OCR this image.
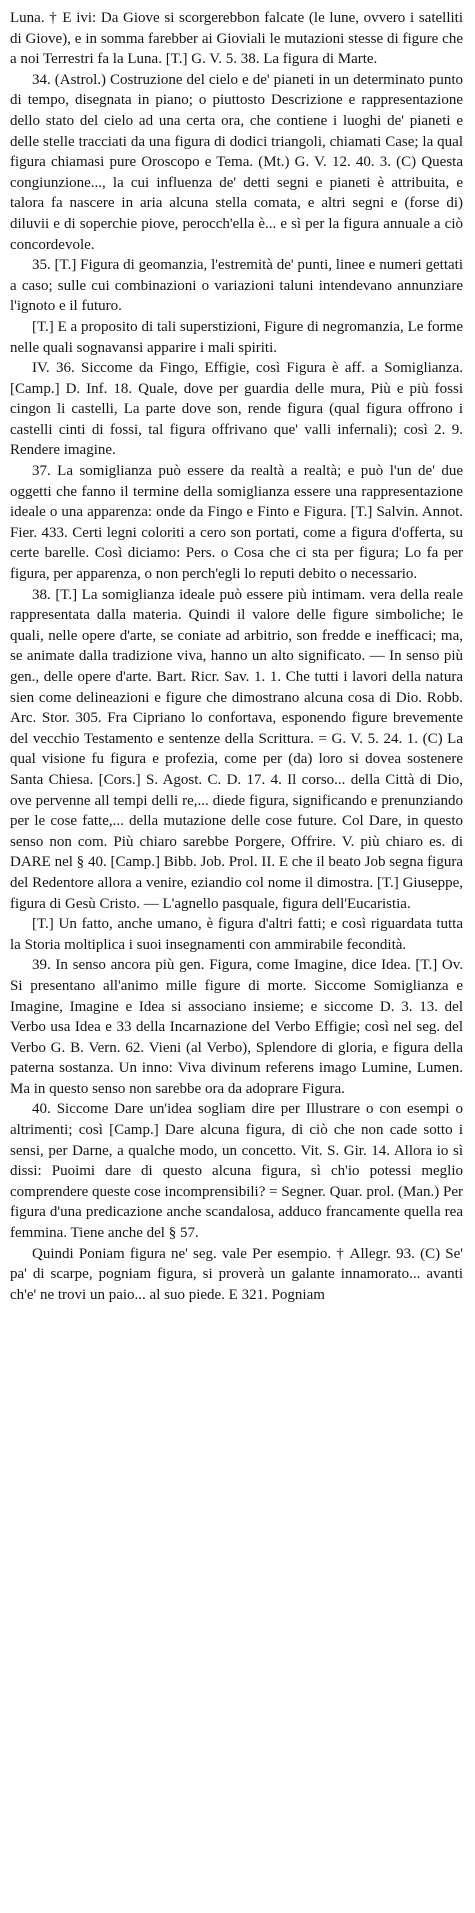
Luna. † E ivi: Da Giove si scorgerebbon falcate (le lune, ovvero i satelliti di Giove), e in somma farebber ai Gioviali le mutazioni stesse di figure che a noi Terrestri fa la Luna. [T.] G. V. 5. 38. La figura di Marte.

34. (Astrol.) Costruzione del cielo e de' pianeti in un determinato punto di tempo, disegnata in piano; o piuttosto Descrizione e rappresentazione dello stato del cielo ad una certa ora, che contiene i luoghi de' pianeti e delle stelle tracciati da una figura di dodici triangoli, chiamati Case; la qual figura chiamasi pure Oroscopo e Tema. (Mt.) G. V. 12. 40. 3. (C) Questa congiunzione..., la cui influenza de' detti segni e pianeti è attribuita, e talora fa nascere in aria alcuna stella comata, e altri segni e (forse di) diluvii e di soperchie piove, perocch'ella è... e sì per la figura annuale a ciò concordevole.

35. [T.] Figura di geomanzia, l'estremità de' punti, linee e numeri gettati a caso; sulle cui combinazioni o variazioni taluni intendevano annunziare l'ignoto e il futuro.

[T.] E a proposito di tali superstizioni, Figure di negromanzia, Le forme nelle quali sognavansi apparire i mali spiriti.

IV. 36. Siccome da Fingo, Effigie, così Figura è aff. a Somiglianza. [Camp.] D. Inf. 18. Quale, dove per guardia delle mura, Più e più fossi cingon li castelli, La parte dove son, rende figura (qual figura offrono i castelli cinti di fossi, tal figura offrivano que' valli infernali); così 2. 9. Rendere imagine.

37. La somiglianza può essere da realtà a realtà; e può l'un de' due oggetti che fanno il termine della somiglianza essere una rappresentazione ideale o una apparenza: onde da Fingo e Finto e Figura. [T.] Salvin. Annot. Fier. 433. Certi legni coloriti a cero son portati, come a figura d'offerta, su certe barelle. Così diciamo: Pers. o Cosa che ci sta per figura; Lo fa per figura, per apparenza, o non perch'egli lo reputi debito o necessario.

38. [T.] La somiglianza ideale può essere più intimam. vera della reale rappresentata dalla materia. Quindi il valore delle figure simboliche; le quali, nelle opere d'arte, se coniate ad arbitrio, son fredde e inefficaci; ma, se animate dalla tradizione viva, hanno un alto significato. — In senso più gen., delle opere d'arte. Bart. Ricr. Sav. 1. 1. Che tutti i lavori della natura sien come delineazioni e figure che dimostrano alcuna cosa di Dio. Robb. Arc. Stor. 305. Fra Cipriano lo confortava, esponendo figure brevemente del vecchio Testamento e sentenze della Scrittura. = G. V. 5. 24. 1. (C) La qual visione fu figura e profezia, come per (da) loro si dovea sostenere Santa Chiesa. [Cors.] S. Agost. C. D. 17. 4. Il corso... della Città di Dio, ove pervenne all tempi delli re,... diede figura, significando e prenunziando per le cose fatte,... della mutazione delle cose future. Col Dare, in questo senso non com. Più chiaro sarebbe Porgere, Offrire. V. più chiaro es. di DARE nel § 40. [Camp.] Bibb. Job. Prol. II. E che il beato Job segna figura del Redentore allora a venire, eziandio col nome il dimostra. [T.] Giuseppe, figura di Gesù Cristo. — L'agnello pasquale, figura dell'Eucaristia.

[T.] Un fatto, anche umano, è figura d'altri fatti; e così riguardata tutta la Storia moltiplica i suoi insegnamenti con ammirabile fecondità.

39. In senso ancora più gen. Figura, come Imagine, dice Idea. [T.] Ov. Si presentano all'animo mille figure di morte. Siccome Somiglianza e Imagine, Imagine e Idea si associano insieme; e siccome D. 3. 13. del Verbo usa Idea e 33 della Incarnazione del Verbo Effigie; così nel seg. del Verbo G. B. Vern. 62. Vieni (al Verbo), Splendore di gloria, e figura della paterna sostanza. Un inno: Viva divinum referens imago Lumine, Lumen. Ma in questo senso non sarebbe ora da adoprare Figura.

40. Siccome Dare un'idea sogliam dire per Illustrare o con esempi o altrimenti; così [Camp.] Dare alcuna figura, di ciò che non cade sotto i sensi, per Darne, a qualche modo, un concetto. Vit. S. Gir. 14. Allora io sì dissi: Puoimi dare di questo alcuna figura, sì ch'io potessi meglio comprendere queste cose incomprensibili? = Segner. Quar. prol. (Man.) Per figura d'una predicazione anche scandalosa, adduco francamente quella rea femmina. Tiene anche del § 57.

Quindi Poniam figura ne' seg. vale Per esempio. † Allegr. 93. (C) Se' pa' di scarpe, pogniam figura, si proverà un galante innamorato... avanti ch'e' ne trovi un paio... al suo piede. E 321. Pogniam
